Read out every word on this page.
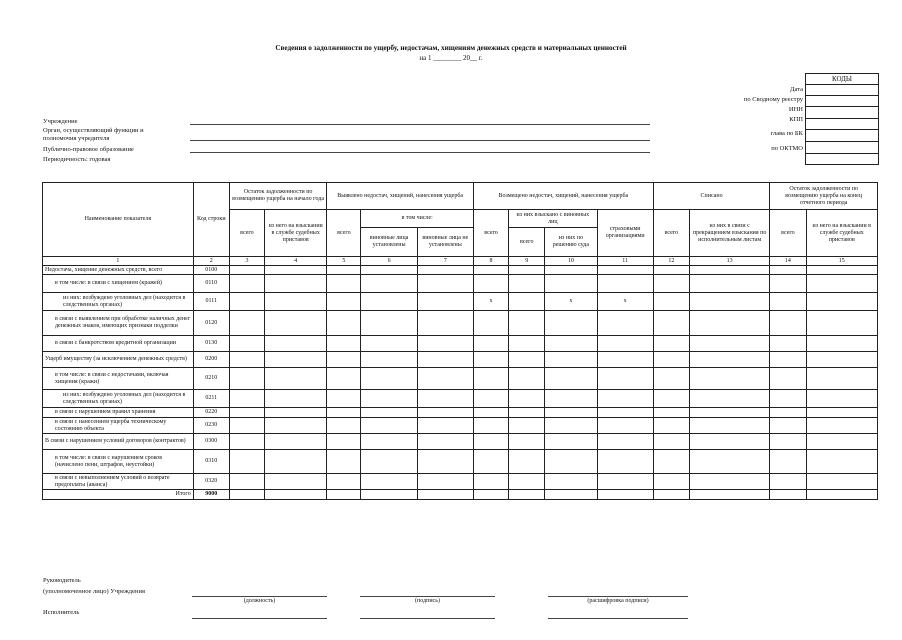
Сведения о задолженности по ущербу, недостачам, хищениям денежных средств и материальных ценностей
на 1 ________ 20__ г.
КОДЫ
Дата
по Сводному реестру
ИНН
КПП
глава по БК
по ОКТМО
Учреждение
Орган, осуществляющий функции и
полномочия учредителя
Публично-правовое образование
Периодичность: годовая
Наименование показателя	Код строки	Остаток задолженности по возмещению ущерба на начало года		Выявлено недостач, хищений, нанесения ущерба			Возмещено недостач, хищений, нанесения ущерба				Списано		Остаток задолженности по возмещению ущерба на конец отчетного периода	
		всего	из него на взыскании в службе судебных приставов	всего	в том числе:		всего	из них взыскано с виновных лиц		страховыми организациями	всего	из них в связи с прекращением взыскания по исполнительным листам	всего	из него на взыскании в службе судебных приставов
					виновные лица установлены	виновные лица не установлены		всего	из них по решению суда					
1	2	3	4	5	6	7	8	9	10	11	12	13	14	15
Недостача, хищение денежных средств, всего	0100													
в том числе: в связи с хищением (кражей)	0110													
из них: возбуждено уголовных дел (находится в следственных органах)	0111						x		x	x				
в связи с выявлением при обработке наличных денег денежных знаков, имеющих признаки подделки	0120													
в связи с банкротством кредитной организации	0130													
Ущерб имуществу (за исключением денежных средств)	0200													
в том числе: в связи с недостачами, включая хищения (кражи)	0210													
из них: возбуждено уголовных дел (находится в следственных органах)	0211													
в связи с нарушением правил хранения	0220													
в связи с нанесением ущерба техническому состоянию объекта	0230													
В связи с нарушением условий договоров (контрактов)	0300													
в том числе: в связи с нарушением сроков (начислено пени, штрафов, неустойки)	0310													
в связи с невыполнением условий о возврате предоплаты (аванса)	0320													
Итого	9000													
Руководитель
(уполномоченное лицо) Учреждения
(должность)	(подпись)	(расшифровка подписи)
Исполнитель
